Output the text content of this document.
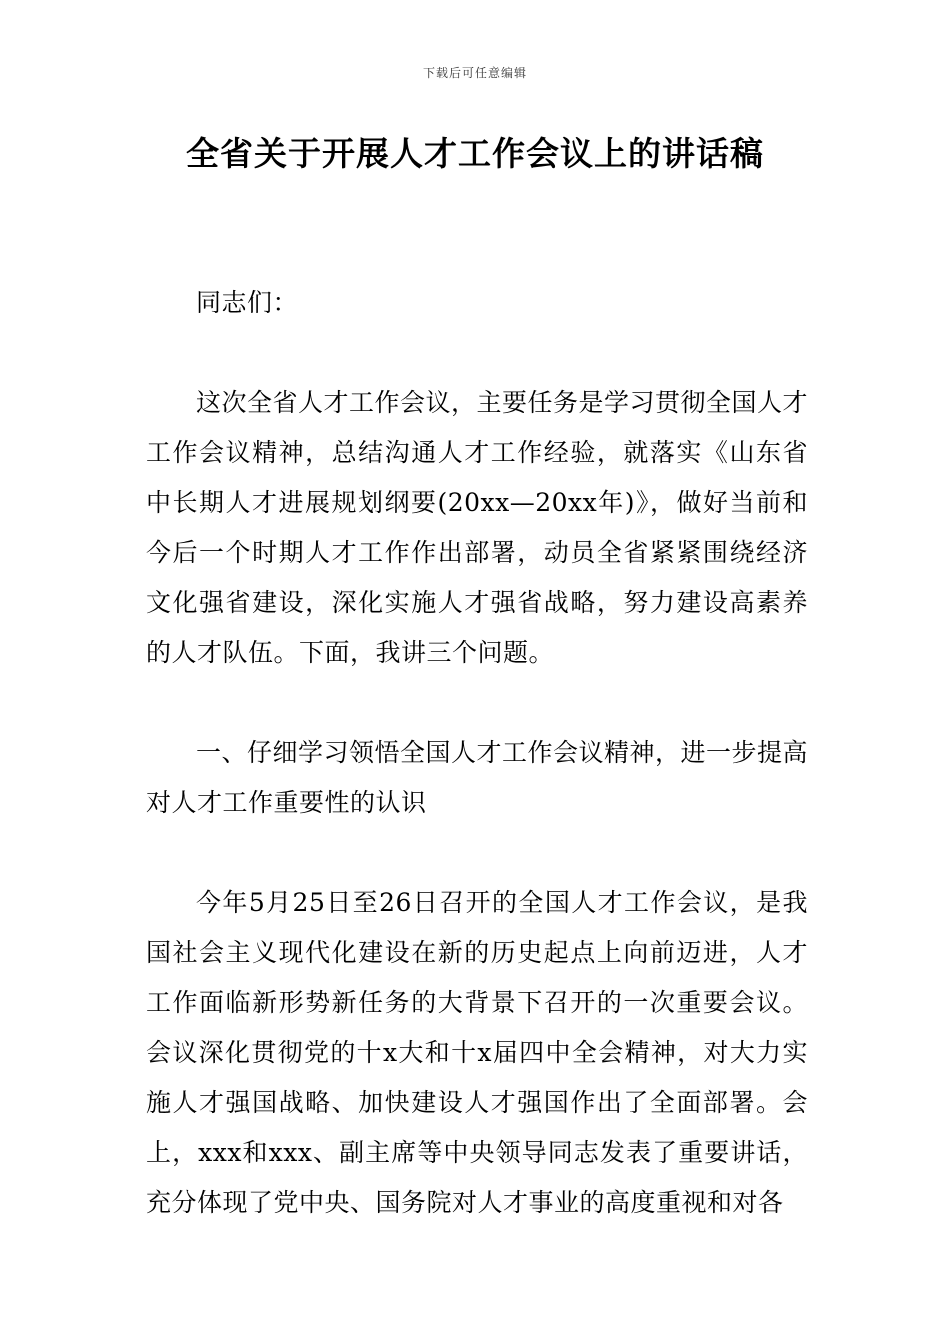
下载后可任意编辑
全省关于开展人才工作会议上的讲话稿

同志们：

这次全省人才工作会议，主要任务是学习贯彻全国人才工作会议精神，总结沟通人才工作经验，就落实《山东省中长期人才进展规划纲要(20xx—20xx年)》，做好当前和今后一个时期人才工作作出部署，动员全省紧紧围绕经济文化强省建设，深化实施人才强省战略，努力建设高素养的人才队伍。下面，我讲三个问题。

一、仔细学习领悟全国人才工作会议精神，进一步提高对人才工作重要性的认识

今年5月25日至26日召开的全国人才工作会议，是我国社会主义现代化建设在新的历史起点上向前迈进，人才工作面临新形势新任务的大背景下召开的一次重要会议。会议深化贯彻党的十x大和十x届四中全会精神，对大力实施人才强国战略、加快建设人才强国作出了全面部署。会上，xxx和xxx、副主席等中央领导同志发表了重要讲话，充分体现了党中央、国务院对人才事业的高度重视和对各
